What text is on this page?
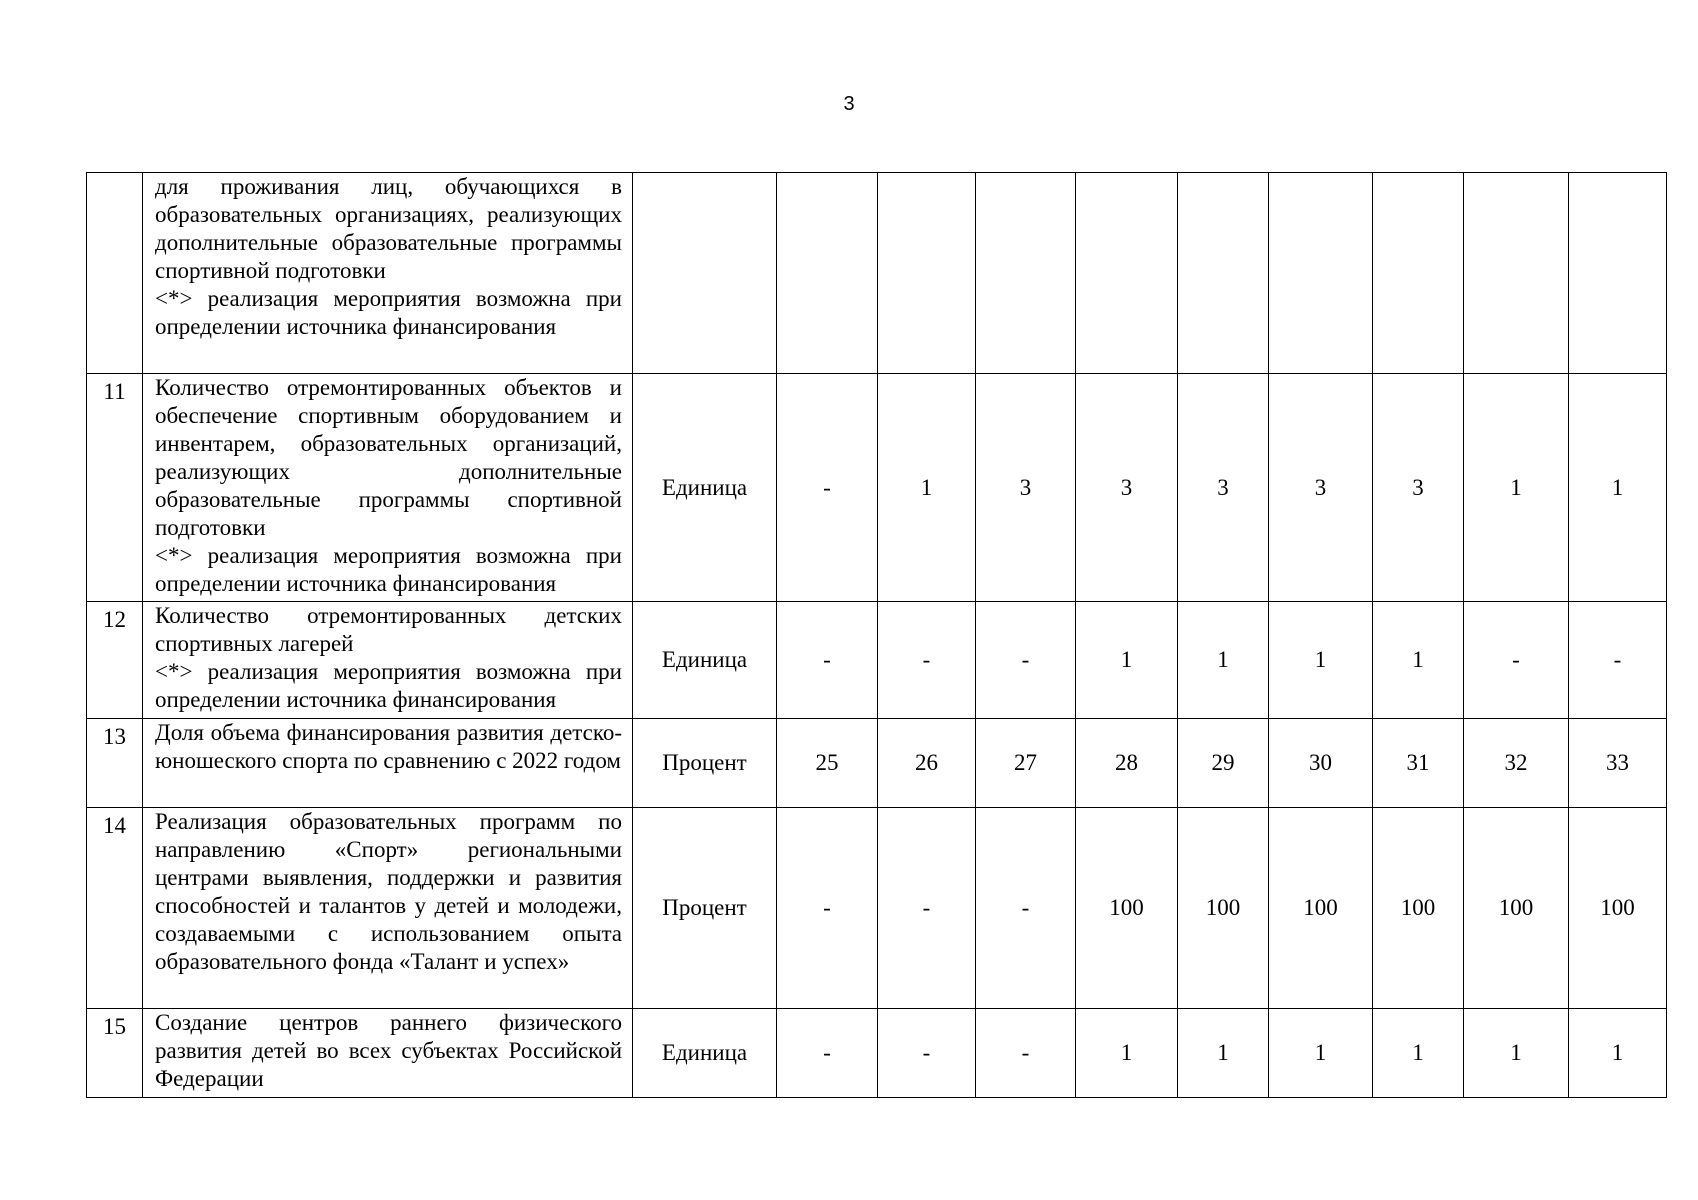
3

	для проживания лиц, обучающихся в образовательных организациях, реализующих дополнительные образовательные программы спортивной подготовки
<*> реализация мероприятия возможна при определении источника финансирования										

11	Количество отремонтированных объектов и обеспечение спортивным оборудованием и инвентарем, образовательных организаций, реализующих дополнительные образовательные программы спортивной подготовки
<*> реализация мероприятия возможна при определении источника финансирования	Единица	-	1	3	3	3	3	3	1	1
12	Количество отремонтированных детских спортивных лагерей
<*> реализация мероприятия возможна при определении источника финансирования	Единица	-	-	-	1	1	1	1	-	-
13	Доля объема финансирования развития детско-юношеского спорта по сравнению с 2022 годом	Процент	25	26	27	28	29	30	31	32	33
14	Реализация образовательных программ по направлению «Спорт» региональными центрами выявления, поддержки и развития способностей и талантов у детей и молодежи, создаваемыми с использованием опыта образовательного фонда «Талант и успех»	Процент	-	-	-	100	100	100	100	100	100
15	Создание центров раннего физического развития детей во всех субъектах Российской Федерации	Единица	-	-	-	1	1	1	1	1	1
